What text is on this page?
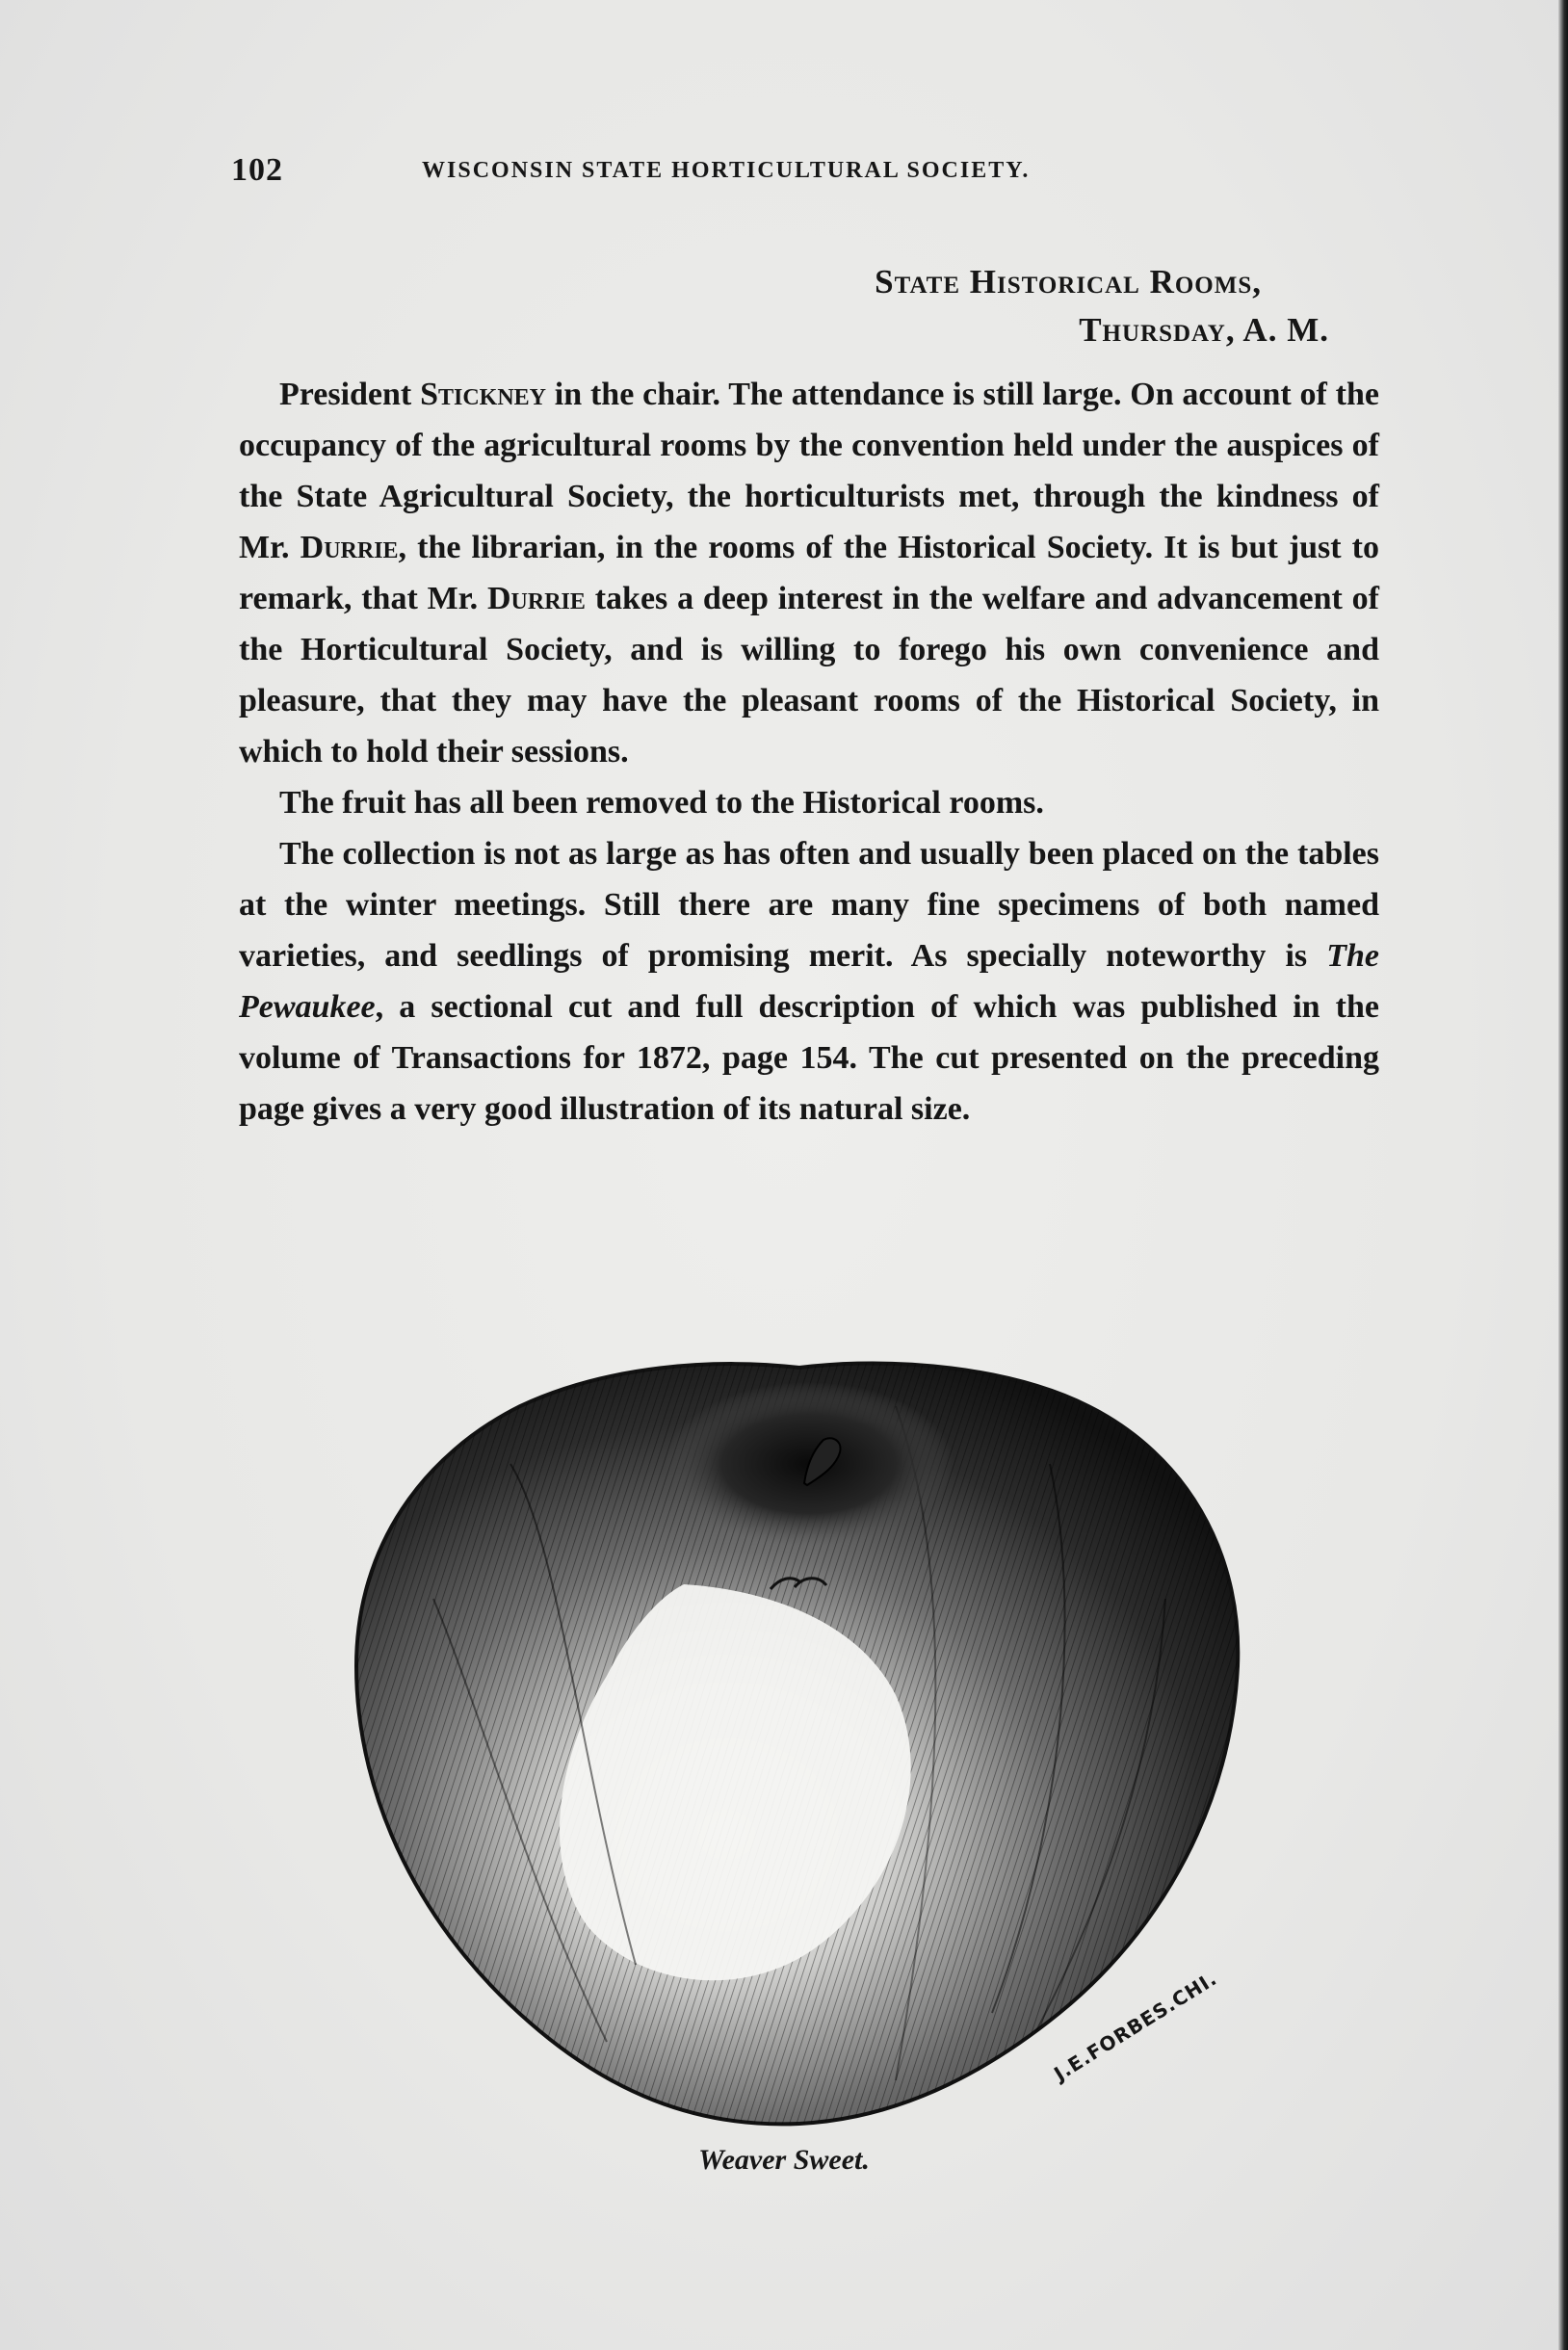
102	WISCONSIN STATE HORTICULTURAL SOCIETY.
State Historical Rooms,
Thursday, A. M.

President Stickney in the chair. The attendance is still large. On account of the occupancy of the agricultural rooms by the convention held under the auspices of the State Agricultural Society, the horticulturists met, through the kindness of Mr. Durrie, the librarian, in the rooms of the Historical Society. It is but just to remark, that Mr. Durrie takes a deep interest in the welfare and advancement of the Horticultural Society, and is willing to forego his own convenience and pleasure, that they may have the pleasant rooms of the Historical Society, in which to hold their sessions.

The fruit has all been removed to the Historical rooms.

The collection is not as large as has often and usually been placed on the tables at the winter meetings. Still there are many fine specimens of both named varieties, and seedlings of promising merit. As specially noteworthy is The Pewaukee, a sectional cut and full description of which was published in the volume of Transactions for 1872, page 154. The cut presented on the preceding page gives a very good illustration of its natural size.

J.E.FORBES.CHI.
Weaver Sweet.
